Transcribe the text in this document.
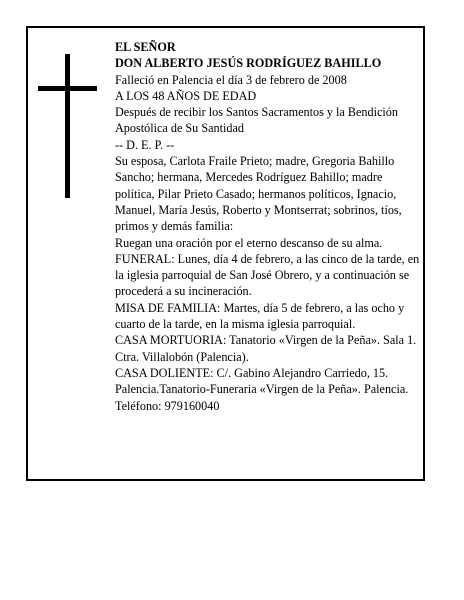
EL SEÑOR

DON ALBERTO JESÚS RODRÍGUEZ BAHILLO

Falleció en Palencia el día 3 de febrero de 2008

A LOS 48 AÑOS DE EDAD

Después de recibir los Santos Sacramentos y la Bendición Apostólica de Su Santidad

-- D. E. P. --

Su esposa, Carlota Fraile Prieto; madre, Gregoria Bahillo Sancho; hermana, Mercedes Rodríguez Bahillo; madre política, Pilar Prieto Casado; hermanos políticos, Ignacio, Manuel, María Jesús, Roberto y Montserrat; sobrinos, tíos, primos y demás familia:

Ruegan una oración por el eterno descanso de su alma.

FUNERAL: Lunes, día 4 de febrero, a las cinco de la tarde, en la iglesia parroquial de San José Obrero, y a continuación se procederá a su incineración.

MISA DE FAMILIA: Martes, día 5 de febrero, a las ocho y cuarto de la tarde, en la misma iglesia parroquial.

CASA MORTUORIA: Tanatorio «Virgen de la Peña». Sala 1. Ctra. Villalobón (Palencia).

CASA DOLIENTE: C/. Gabino Alejandro Carriedo, 15. Palencia.Tanatorio-Funeraria «Virgen de la Peña». Palencia. Teléfono: 979160040
